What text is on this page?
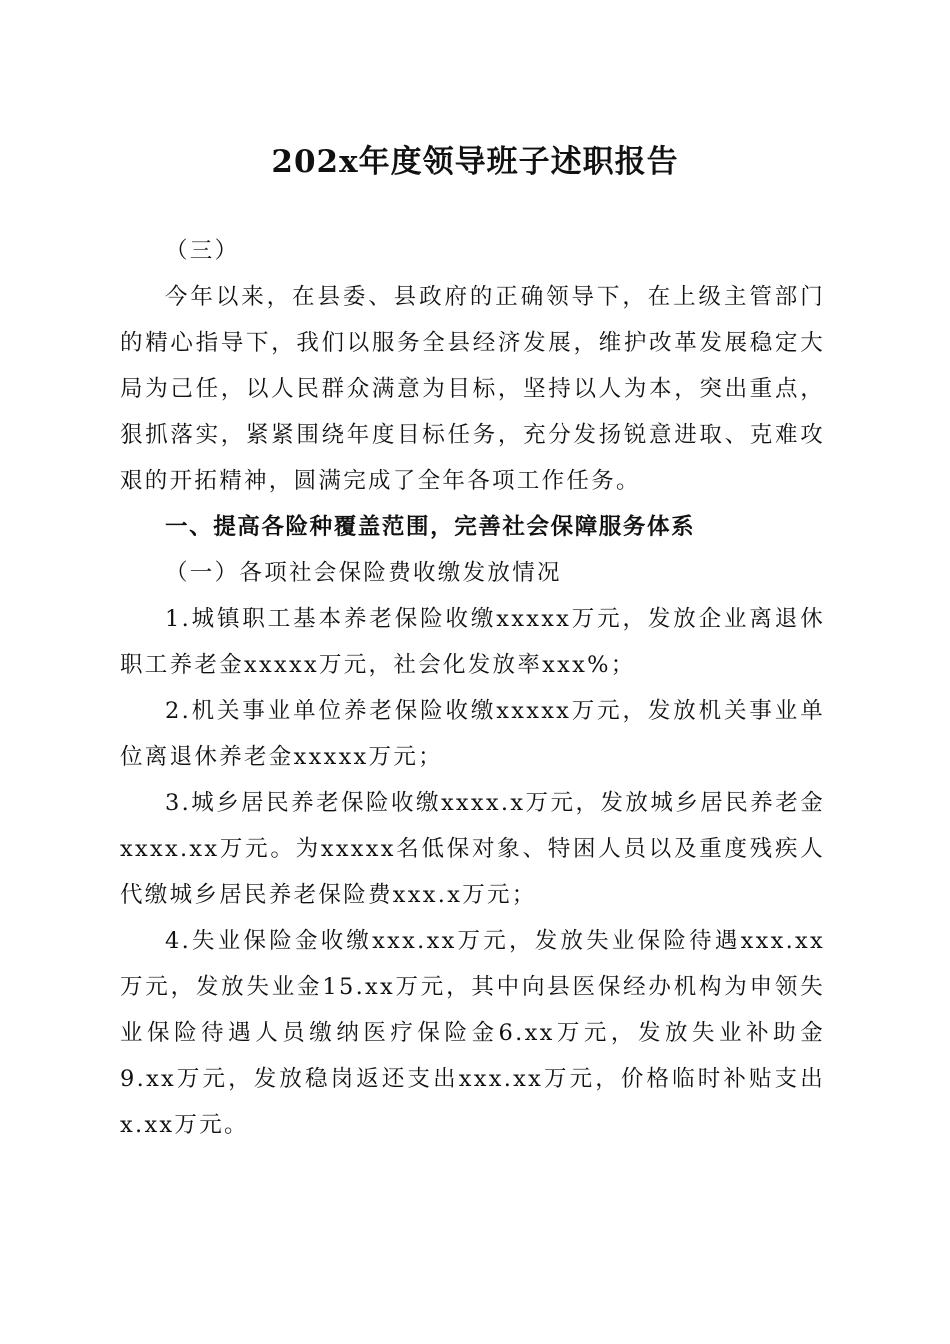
202x年度领导班子述职报告

（三）

今年以来，在县委、县政府的正确领导下，在上级主管部门的精心指导下，我们以服务全县经济发展，维护改革发展稳定大局为己任，以人民群众满意为目标，坚持以人为本，突出重点，狠抓落实，紧紧围绕年度目标任务，充分发扬锐意进取、克难攻艰的开拓精神，圆满完成了全年各项工作任务。

一、提高各险种覆盖范围，完善社会保障服务体系

（一）各项社会保险费收缴发放情况

1.城镇职工基本养老保险收缴xxxxx万元，发放企业离退休职工养老金xxxxx万元，社会化发放率xxx%；

2.机关事业单位养老保险收缴xxxxx万元，发放机关事业单位离退休养老金xxxxx万元；

3.城乡居民养老保险收缴xxxx.x万元，发放城乡居民养老金xxxx.xx万元。为xxxxx名低保对象、特困人员以及重度残疾人代缴城乡居民养老保险费xxx.x万元；

4.失业保险金收缴xxx.xx万元，发放失业保险待遇xxx.xx万元，发放失业金15.xx万元，其中向县医保经办机构为申领失业保险待遇人员缴纳医疗保险金6.xx万元，发放失业补助金9.xx万元，发放稳岗返还支出xxx.xx万元，价格临时补贴支出x.xx万元。
